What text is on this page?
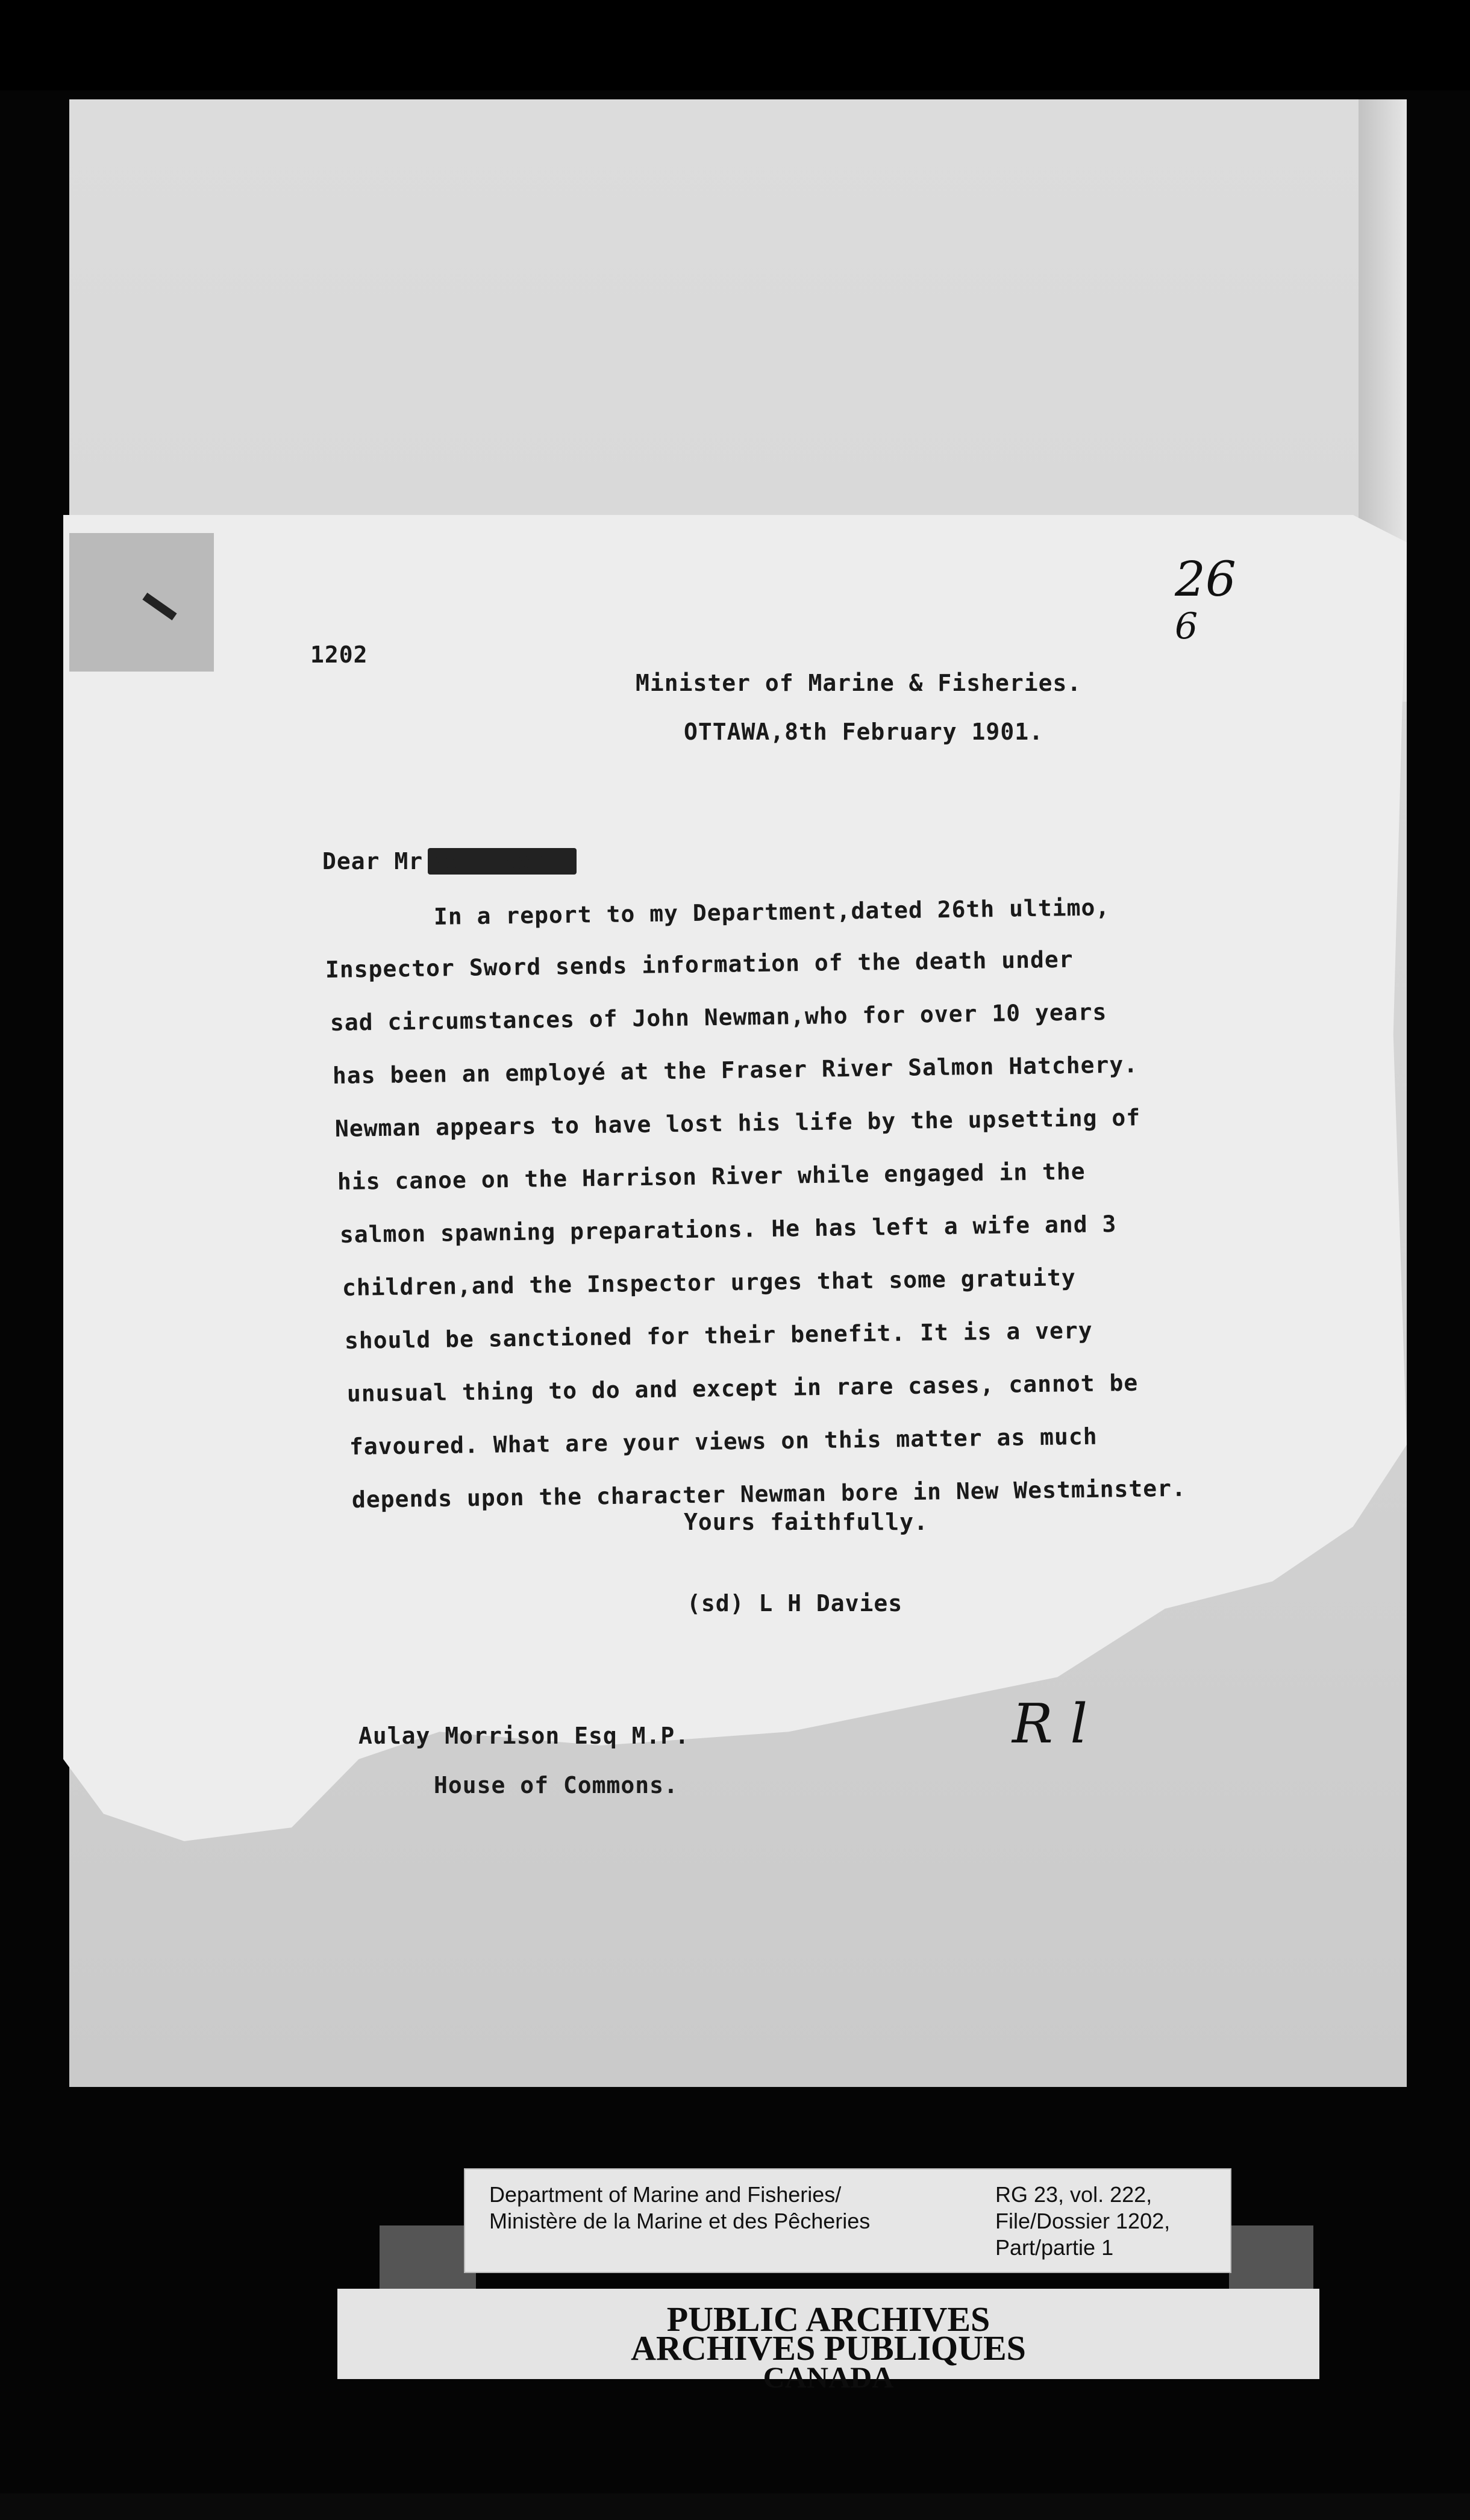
1202
26
6
Minister of Marine & Fisheries.
OTTAWA,8th February 1901.
Dear Mr Morrison.-
In a report to my Department,dated 26th ultimo,
Inspector Sword sends information of the death under
sad circumstances of John Newman,who for over 10 years
has been an employé at the Fraser River Salmon Hatchery.
Newman appears to have lost his life by the upsetting of
his canoe on the Harrison River while engaged in the
salmon spawning preparations. He has left a wife and 3
children,and the Inspector urges that some gratuity
should be sanctioned for their benefit. It is a very
unusual thing to do and except in rare cases, cannot be
favoured. What are your views on this matter as much
depends upon the character Newman bore in New Westminster.
Yours faithfully.
(sd) L H Davies
Aulay Morrison Esq M.P.
House of Commons.
R l
Department of Marine and Fisheries/
Ministère de la Marine et des Pêcheries
RG 23, vol. 222,
File/Dossier 1202,
Part/partie 1
PUBLIC ARCHIVES
ARCHIVES PUBLIQUES
CANADA
